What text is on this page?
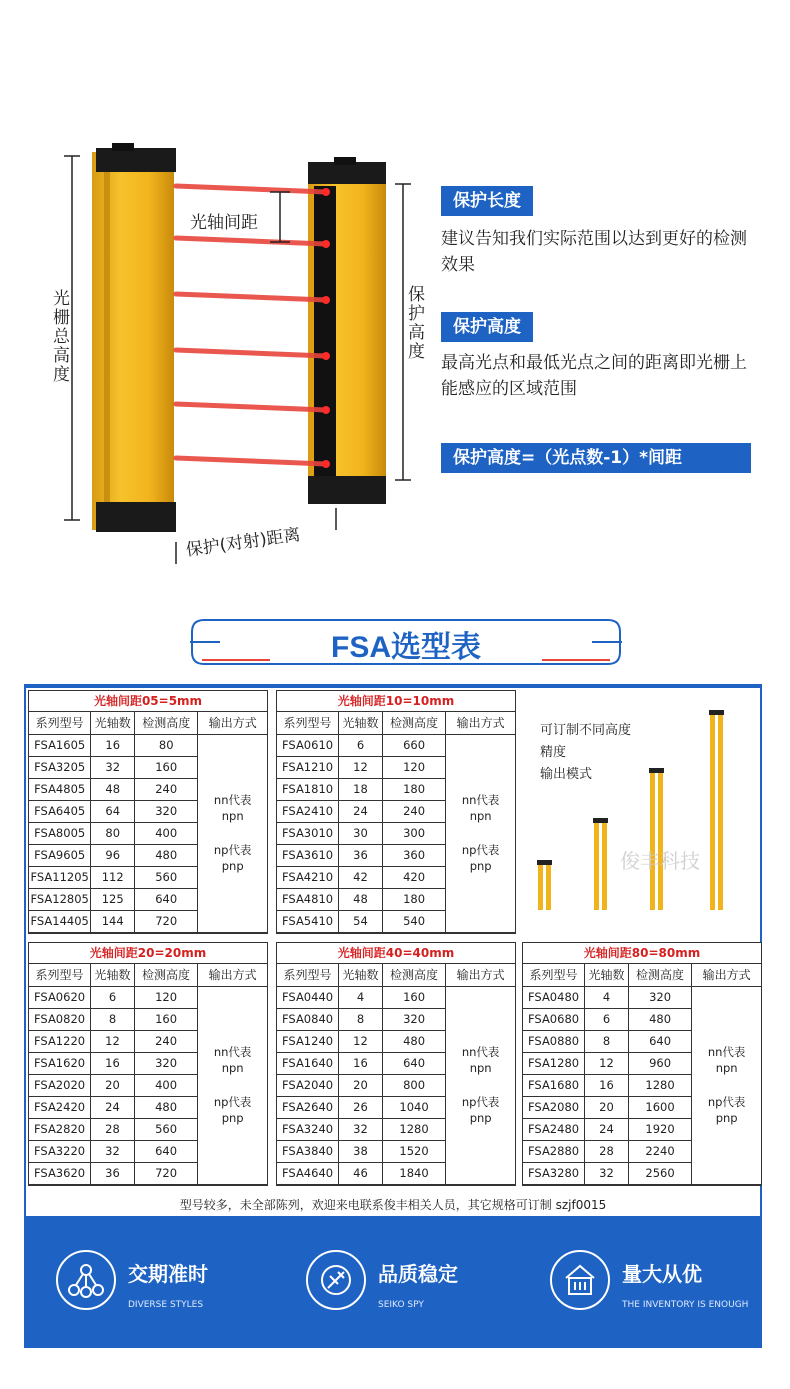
光栅总高度
保护高度
光轴间距
保护(对射)距离
保护长度
建议告知我们实际范围以达到更好的检测效果
保护高度
最高光点和最低光点之间的距离即光栅上能感应的区域范围
保护高度=（光点数-1）*间距
FSA选型表
光轴间距05=5mm
系列型号	光轴数	检测高度	输出方式
FSA1605	16	80	nn代表
npn
np代表
pnp

FSA3205	32	160	
FSA4805	48	240	
FSA6405	64	320	
FSA8005	80	400	
FSA9605	96	480	
FSA11205	112	560	
FSA12805	125	640	
FSA14405	144	720	
光轴间距10=10mm
系列型号	光轴数	检测高度	输出方式
FSA0610	6	660	nn代表
npn
np代表
pnp

FSA1210	12	120	
FSA1810	18	180	
FSA2410	24	240	
FSA3010	30	300	
FSA3610	36	360	
FSA4210	42	420	
FSA4810	48	180	
FSA5410	54	540	
光轴间距20=20mm
系列型号	光轴数	检测高度	输出方式
FSA0620	6	120	nn代表
npn
np代表
pnp

FSA0820	8	160	
FSA1220	12	240	
FSA1620	16	320	
FSA2020	20	400	
FSA2420	24	480	
FSA2820	28	560	
FSA3220	32	640	
FSA3620	36	720	
光轴间距40=40mm
系列型号	光轴数	检测高度	输出方式
FSA0440	4	160	nn代表
npn
np代表
pnp

FSA0840	8	320	
FSA1240	12	480	
FSA1640	16	640	
FSA2040	20	800	
FSA2640	26	1040	
FSA3240	32	1280	
FSA3840	38	1520	
FSA4640	46	1840	
光轴间距80=80mm
系列型号	光轴数	检测高度	输出方式
FSA0480	4	320	nn代表
npn
np代表
pnp

FSA0680	6	480	
FSA0880	8	640	
FSA1280	12	960	
FSA1680	16	1280	
FSA2080	20	1600	
FSA2480	24	1920	
FSA2880	28	2240	
FSA3280	32	2560	
可订制不同高度
精度
输出模式
俊丰科技
型号较多，未全部陈列，欢迎来电联系俊丰相关人员，其它规格可订制 szjf0015
交期准时
DIVERSE STYLES
品质稳定
SEIKO SPY
量大从优
THE INVENTORY IS ENOUGH
